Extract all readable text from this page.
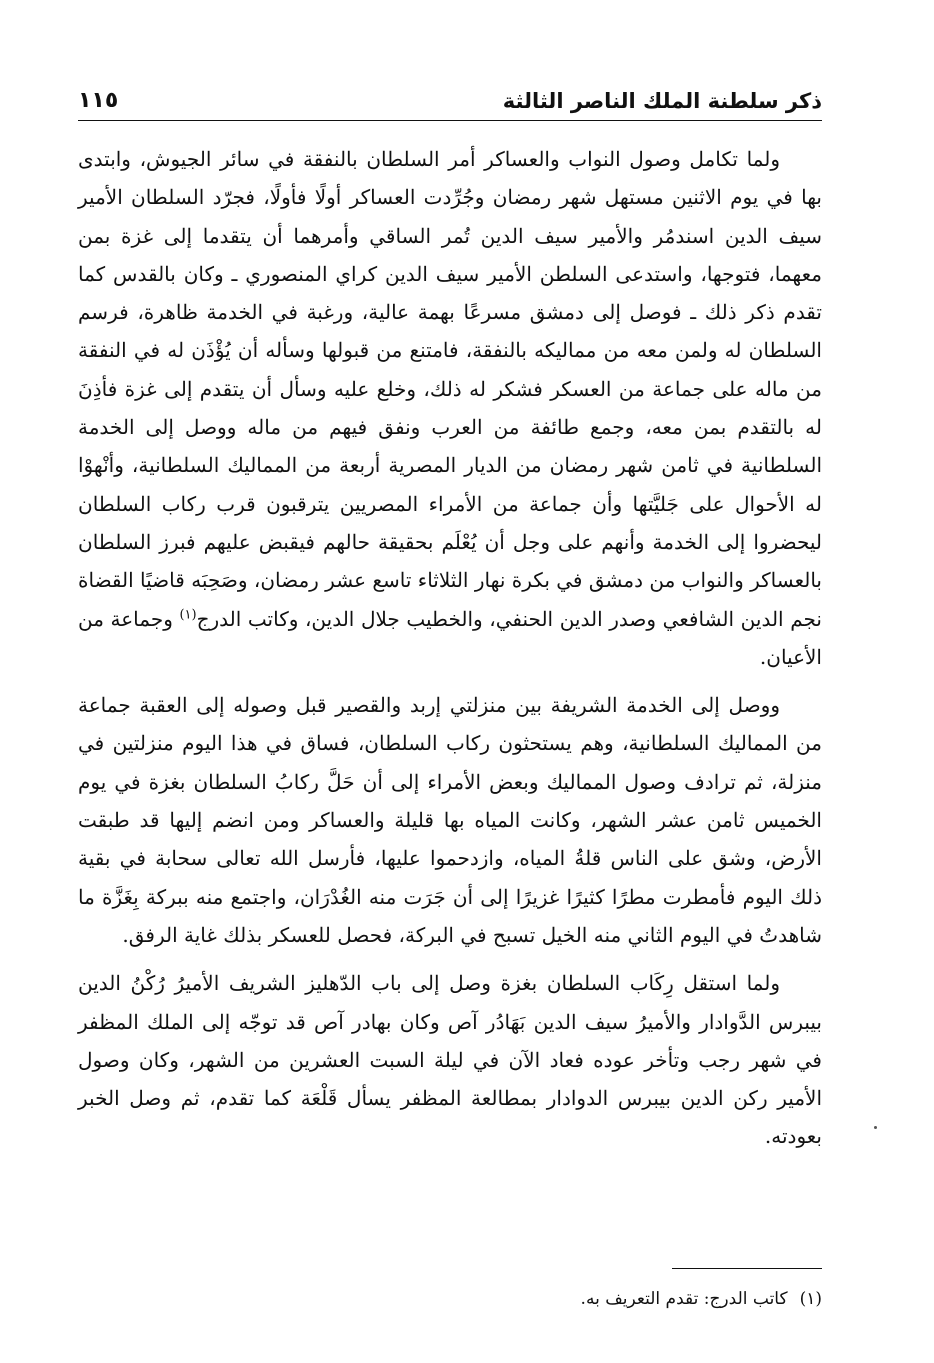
ذكر سلطنة الملك الناصر الثالثة
١١٥

ولما تكامل وصول النواب والعساكر أمر السلطان بالنفقة في سائر الجيوش، وابتدى بها في يوم الاثنين مستهل شهر رمضان وجُرِّدت العساكر أولًا فأولًا، فجرّد السلطان الأمير سيف الدين اسندمُر والأمير سيف الدين تُمر الساقي وأمرهما أن يتقدما إلى غزة بمن معهما، فتوجها، واستدعى السلطن الأمير سيف الدين كراي المنصوري ـ وكان بالقدس كما تقدم ذكر ذلك ـ فوصل إلى دمشق مسرعًا بهمة عالية، ورغبة في الخدمة ظاهرة، فرسم السلطان له ولمن معه من مماليكه بالنفقة، فامتنع من قبولها وسأله أن يُؤْذَن له في النفقة من ماله على جماعة من العسكر فشكر له ذلك، وخلع عليه وسأل أن يتقدم إلى غزة فأذِنَ له بالتقدم بمن معه، وجمع طائفة من العرب ونفق فيهم من ماله ووصل إلى الخدمة السلطانية في ثامن شهر رمضان من الديار المصرية أربعة من المماليك السلطانية، وأنْهوْا له الأحوال على جَليَّتها وأن جماعة من الأمراء المصريين يترقبون قرب ركاب السلطان ليحضروا إلى الخدمة وأنهم على وجل أن يُعْلَم بحقيقة حالهم فيقبض عليهم فبرز السلطان بالعساكر والنواب من دمشق في بكرة نهار الثلاثاء تاسع عشر رمضان، وصَحِبَه قاضيًا القضاة نجم الدين الشافعي وصدر الدين الحنفي، والخطيب جلال الدين، وكاتب الدرج$^{(١)}$ وجماعة من الأعيان.

ووصل إلى الخدمة الشريفة بين منزلتي إربد والقصير قبل وصوله إلى العقبة جماعة من المماليك السلطانية، وهم يستحثون ركاب السلطان، فساق في هذا اليوم منزلتين في منزلة، ثم ترادف وصول المماليك وبعض الأمراء إلى أن حَلَّ ركابُ السلطان بغزة في يوم الخميس ثامن عشر الشهر، وكانت المياه بها قليلة والعساكر ومن انضم إليها قد طبقت الأرض، وشق على الناس قلةُ المياه، وازدحموا عليها، فأرسل الله تعالى سحابة في بقية ذلك اليوم فأمطرت مطرًا كثيرًا غزيرًا إلى أن جَرَت منه الغُدْرَان، واجتمع منه ببركة بِغَزَّة ما شاهدتُ في اليوم الثاني منه الخيل تسبح في البركة، فحصل للعسكر بذلك غاية الرفق.

ولما استقل رِكَاب السلطان بغزة وصل إلى باب الدّهليز الشريف الأميرُ رُكْنُ الدين بيبرس الدَّوادار والأميرُ سيف الدين بَهَادُر آص وكان بهادر آص قد توجّه إلى الملك المظفر في شهر رجب وتأخر عوده فعاد الآن في ليلة السبت العشرين من الشهر، وكان وصول الأمير ركن الدين بيبرس الدوادار بمطالعة المظفر يسأل قَلْعَة كما تقدم، ثم وصل الخبر بعودته.

(١)كاتب الدرج: تقدم التعريف به.
